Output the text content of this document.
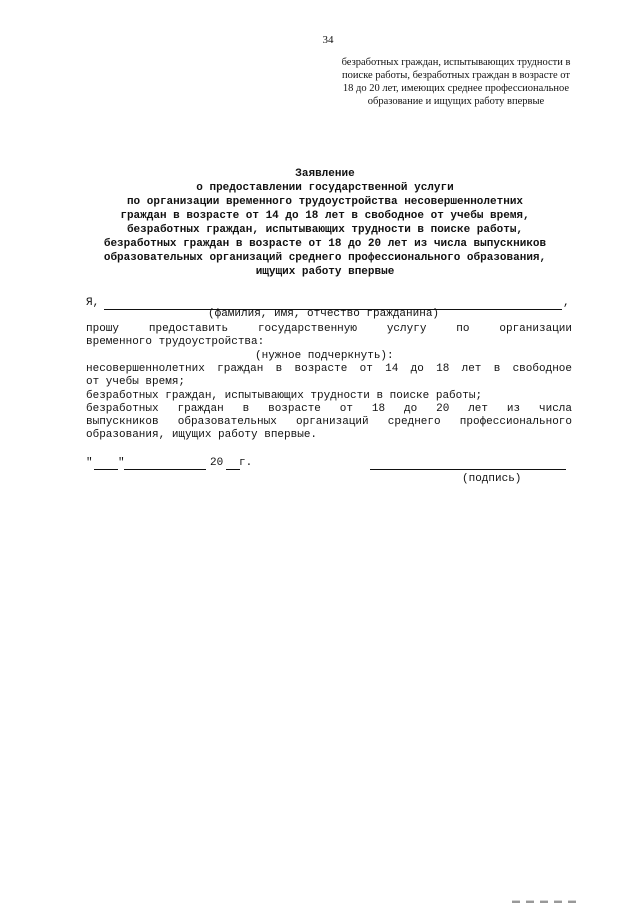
34
безработных граждан, испытывающих трудности в
поиске работы, безработных граждан в возрасте от
18 до 20 лет, имеющих среднее профессиональное
образование и ищущих работу впервые
Заявление
о предоставлении государственной услуги
по организации временного трудоустройства несовершеннолетних
граждан в возрасте от 14 до 18 лет в свободное от учебы время,
безработных граждан, испытывающих трудности в поиске работы,
безработных граждан в возрасте от 18 до 20 лет из числа выпускников
образовательных организаций среднего профессионального образования,
ищущих работу впервые
Я,	,
(фамилия, имя, отчество гражданина)
прошу предоставить государственную услугу по организации
временного трудоустройства:
(нужное подчеркнуть):
несовершеннолетних граждан в возрасте от 14 до 18 лет в свободное
от учебы время;
безработных граждан, испытывающих трудности в поиске работы;
безработных граждан в возрасте от 18 до 20 лет из числа
выпускников образовательных организаций среднего профессионального
образования, ищущих работу впервые.
" "	20	г.
(подпись)
▬ ▬ ▬ ▬ ▬
